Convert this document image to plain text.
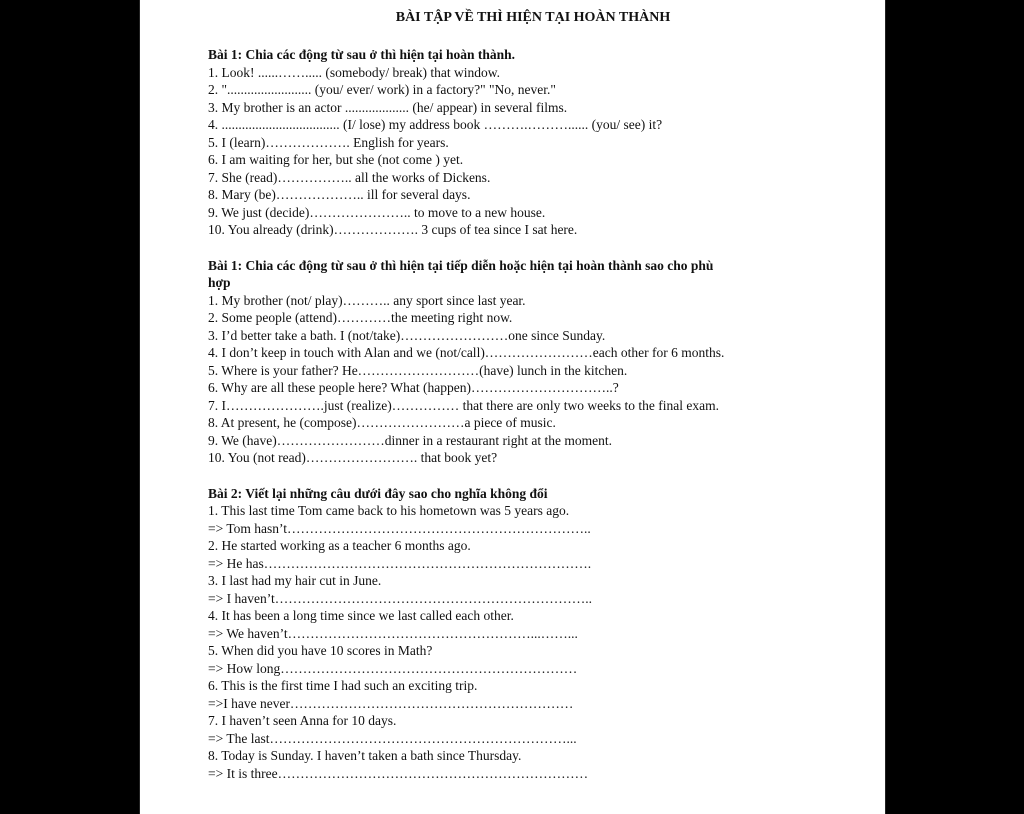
BÀI TẬP VỀ THÌ HIỆN TẠI HOÀN THÀNH
Bài 1: Chia các động từ sau ở thì hiện tại hoàn thành.
1. Look! ......……..... (somebody/ break) that window.
2. "......................... (you/ ever/ work) in a factory?" "No, never."
3. My brother is an actor ................... (he/ appear) in several films.
4. ................................... (I/ lose) my address book ……….………...... (you/ see) it?
5. I (learn)………………. English for years.
6. I am waiting for her, but she (not come ) yet.
7. She (read)…………….. all the works of Dickens.
8. Mary (be)……………….. ill for several days.
9. We just (decide)………………….. to move to a new house.
10. You already (drink)………………. 3 cups of tea since I sat here.
Bài 1: Chia các động từ sau ở thì hiện tại tiếp diễn hoặc hiện tại hoàn thành sao cho phù
hợp
1. My brother (not/ play)……….. any sport since last year.
2. Some people (attend)…………the meeting right now.
3. I’d better take a bath. I (not/take)……………………one since Sunday.
4. I don’t keep in touch with Alan and we (not/call)……………………each other for 6 months.
5. Where is your father? He………………………(have) lunch in the kitchen.
6. Why are all these people here? What (happen)…………………………..?
7. I………………….just (realize)…………… that there are only two weeks to the final exam.
8. At present, he (compose)……………………a piece of music.
9. We (have)……………………dinner in a restaurant right at the moment.
10. You (not read)……………………. that book yet?
Bài 2: Viết lại những câu dưới đây sao cho nghĩa không đổi
1. This last time Tom came back to his hometown was 5 years ago.
=> Tom hasn’t…………………………………………………………..
2. He started working as a teacher 6 months ago.
=> He has……………………………………………………………….
3. I last had my hair cut in June.
=> I haven’t……………………………………………………………..
4. It has been a long time since we last called each other.
=> We haven’t………………………………………………...……...
5. When did you have 10 scores in Math?
=> How long…………………………………………………………
6. This is the first time I had such an exciting trip.
=>I have never………………………………………………………
7. I haven’t seen Anna for 10 days.
=> The last…………………………………………………………...
8. Today is Sunday. I haven’t taken a bath since Thursday.
=> It is three……………………………………………………………
